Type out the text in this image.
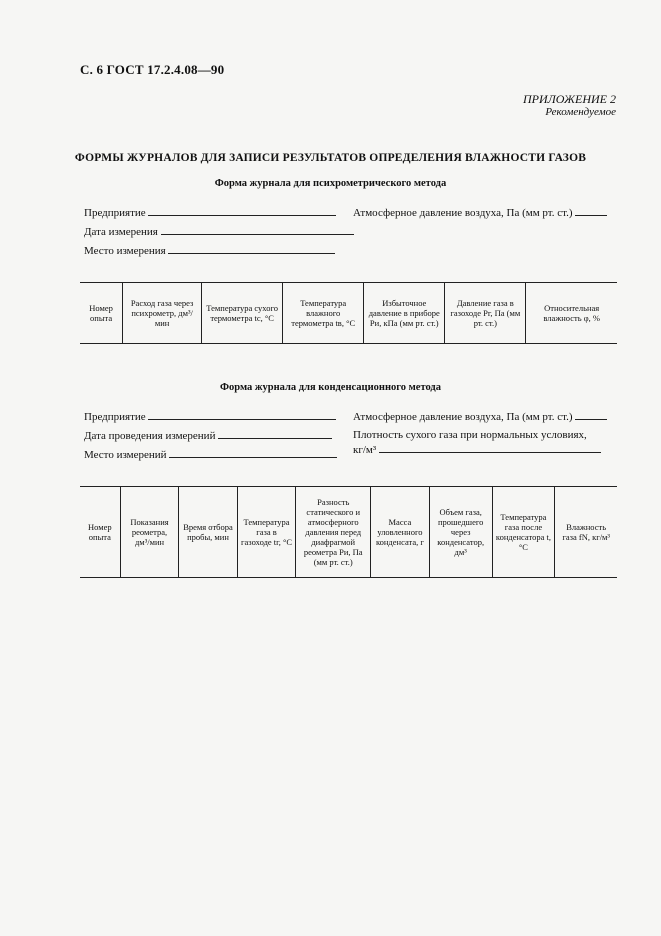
С. 6 ГОСТ 17.2.4.08—90
ПРИЛОЖЕНИЕ 2
Рекомендуемое
ФОРМЫ ЖУРНАЛОВ ДЛЯ ЗАПИСИ РЕЗУЛЬТАТОВ ОПРЕДЕЛЕНИЯ ВЛАЖНОСТИ ГАЗОВ
Форма журнала для психрометрического метода
Предприятие	Атмосферное давление воздуха, Па (мм рт. ст.)
Дата измерения
Место измерения
Номер опыта	Расход газа через психрометр, дм³/мин	Температура сухого термометра tс, °С	Температура влажного термометра tв, °С	Избыточное давление в приборе Pи, кПа (мм рт. ст.)	Давление газа в газоходе Pг, Па (мм рт. ст.)	Относительная влажность φ, %
Форма журнала для конденсационного метода
Предприятие	Атмосферное давление воздуха, Па (мм рт. ст.)
Дата проведения измерений	Плотность сухого газа при нормальных условиях,
кг/м³
Место измерений
Номер опыта	Показания реометра, дм³/мин	Время отбора пробы, мин	Температура газа в газоходе tг, °С	Разность статического и атмосферного давления перед диафрагмой реометра Pи, Па (мм рт. ст.)	Масса уловленного конденсата, г	Объем газа, прошедшего через конденсатор, дм³	Температура газа после конденсатора t, °С	Влажность газа fN, кг/м³
